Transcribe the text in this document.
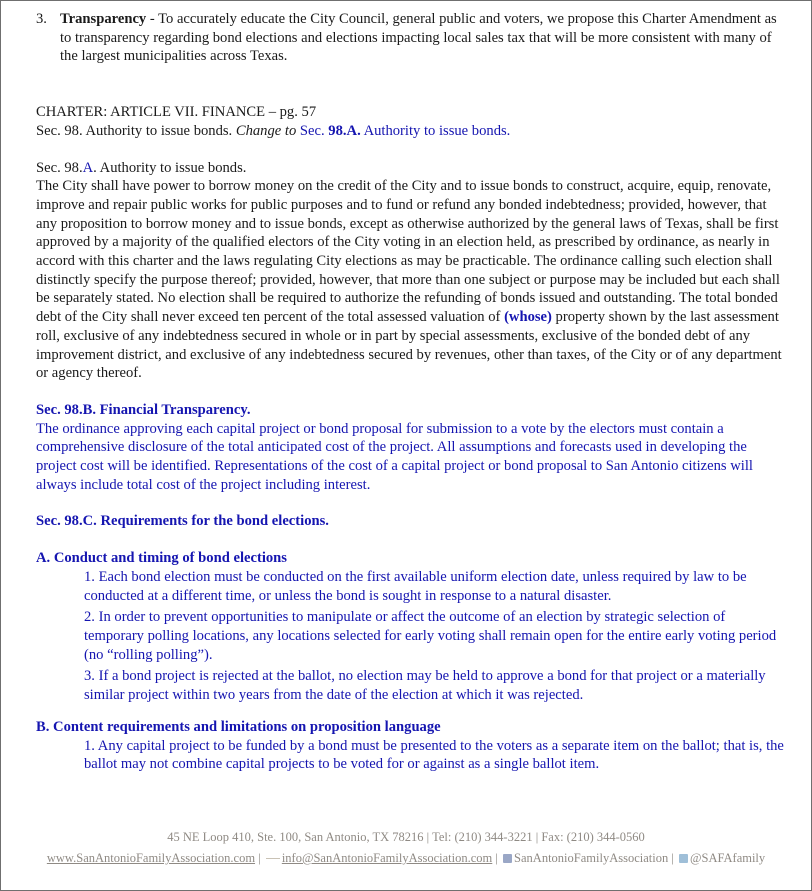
3. Transparency - To accurately educate the City Council, general public and voters, we propose this Charter Amendment as to transparency regarding bond elections and elections impacting local sales tax that will be more consistent with many of the largest municipalities across Texas.

CHARTER: ARTICLE VII. FINANCE – pg. 57

Sec. 98. Authority to issue bonds. Change to Sec. 98.A. Authority to issue bonds.

Sec. 98.A. Authority to issue bonds.

The City shall have power to borrow money on the credit of the City and to issue bonds to construct, acquire, equip, renovate, improve and repair public works for public purposes and to fund or refund any bonded indebtedness; provided, however, that any proposition to borrow money and to issue bonds, except as otherwise authorized by the general laws of Texas, shall be first approved by a majority of the qualified electors of the City voting in an election held, as prescribed by ordinance, as nearly in accord with this charter and the laws regulating City elections as may be practicable. The ordinance calling such election shall distinctly specify the purpose thereof; provided, however, that more than one subject or purpose may be included but each shall be separately stated. No election shall be required to authorize the refunding of bonds issued and outstanding. The total bonded debt of the City shall never exceed ten percent of the total assessed valuation of (whose) property shown by the last assessment roll, exclusive of any indebtedness secured in whole or in part by special assessments, exclusive of the bonded debt of any improvement district, and exclusive of any indebtedness secured by revenues, other than taxes, of the City or of any department or agency thereof.

Sec. 98.B. Financial Transparency.

The ordinance approving each capital project or bond proposal for submission to a vote by the electors must contain a comprehensive disclosure of the total anticipated cost of the project. All assumptions and forecasts used in developing the project cost will be identified. Representations of the cost of a capital project or bond proposal to San Antonio citizens will always include total cost of the project including interest.

Sec. 98.C. Requirements for the bond elections.

A. Conduct and timing of bond elections

1. Each bond election must be conducted on the first available uniform election date, unless required by law to be conducted at a different time, or unless the bond is sought in response to a natural disaster.

2. In order to prevent opportunities to manipulate or affect the outcome of an election by strategic selection of temporary polling locations, any locations selected for early voting shall remain open for the entire early voting period (no “rolling polling”).

3. If a bond project is rejected at the ballot, no election may be held to approve a bond for that project or a materially similar project within two years from the date of the election at which it was rejected.

B. Content requirements and limitations on proposition language

1. Any capital project to be funded by a bond must be presented to the voters as a separate item on the ballot; that is, the ballot may not combine capital projects to be voted for or against as a single ballot item.

45 NE Loop 410, Ste. 100, San Antonio, TX 78216 | Tel: (210) 344-3221 | Fax: (210) 344-0560
www.SanAntonioFamilyAssociation.com | info@SanAntonioFamilyAssociation.com | SanAntonioFamilyAssociation | @SAFAfamily
